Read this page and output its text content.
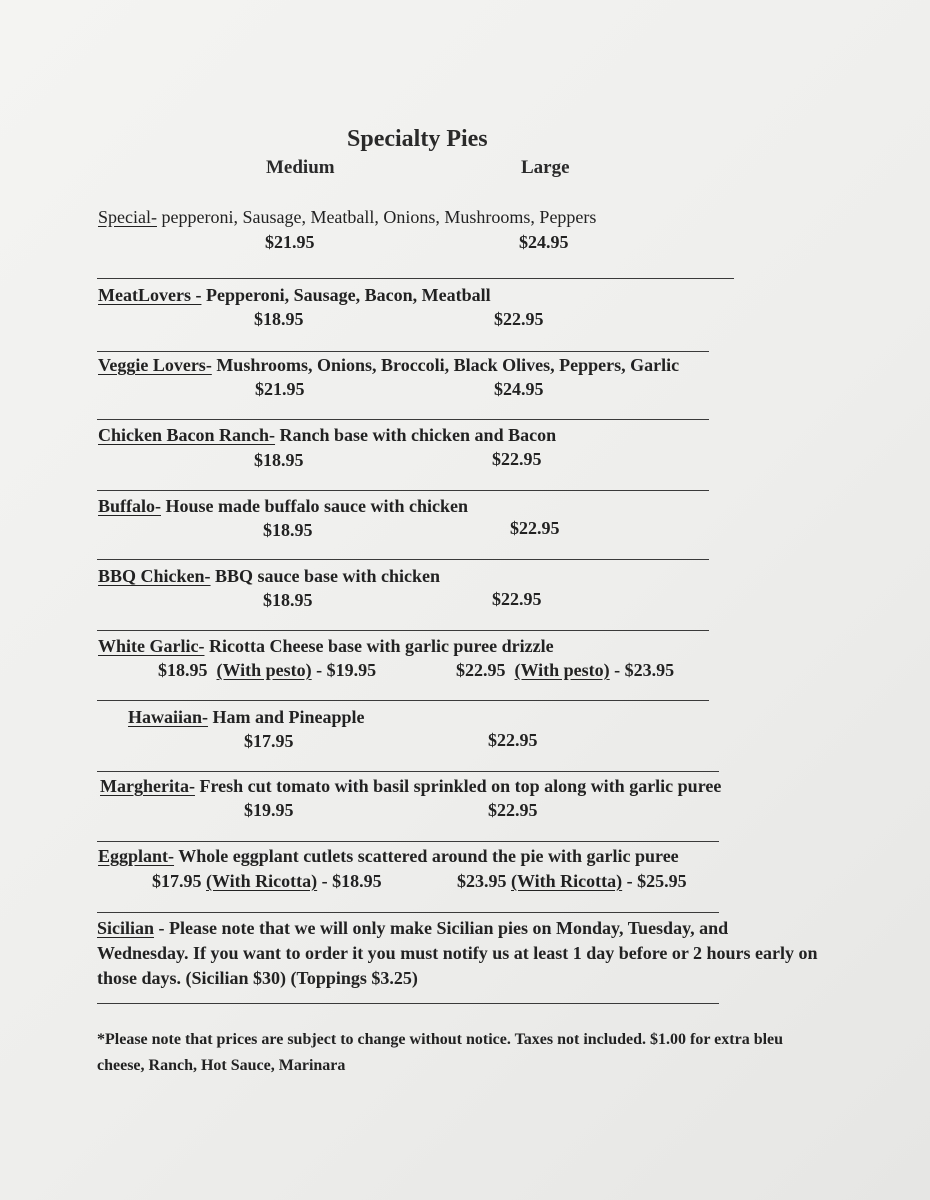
Specialty Pies
Medium	Large
Special- pepperoni, Sausage, Meatball, Onions, Mushrooms, Peppers
$21.95	$24.95
MeatLovers - Pepperoni, Sausage, Bacon, Meatball
$18.95	$22.95
Veggie Lovers- Mushrooms, Onions, Broccoli, Black Olives, Peppers, Garlic
$21.95	$24.95
Chicken Bacon Ranch- Ranch base with chicken and Bacon
$18.95	$22.95
Buffalo- House made buffalo sauce with chicken
$18.95	$22.95
BBQ Chicken- BBQ sauce base with chicken
$18.95	$22.95
White Garlic- Ricotta Cheese base with garlic puree drizzle
$18.95 (With pesto) - $19.95	$22.95 (With pesto) - $23.95
Hawaiian- Ham and Pineapple
$17.95	$22.95
Margherita- Fresh cut tomato with basil sprinkled on top along with garlic puree
$19.95	$22.95
Eggplant- Whole eggplant cutlets scattered around the pie with garlic puree
$17.95 (With Ricotta) - $18.95	$23.95 (With Ricotta) - $25.95
Sicilian - Please note that we will only make Sicilian pies on Monday, Tuesday, and Wednesday. If you want to order it you must notify us at least 1 day before or 2 hours early on those days. (Sicilian $30) (Toppings $3.25)
*Please note that prices are subject to change without notice. Taxes not included. $1.00 for extra bleu cheese, Ranch, Hot Sauce, Marinara
